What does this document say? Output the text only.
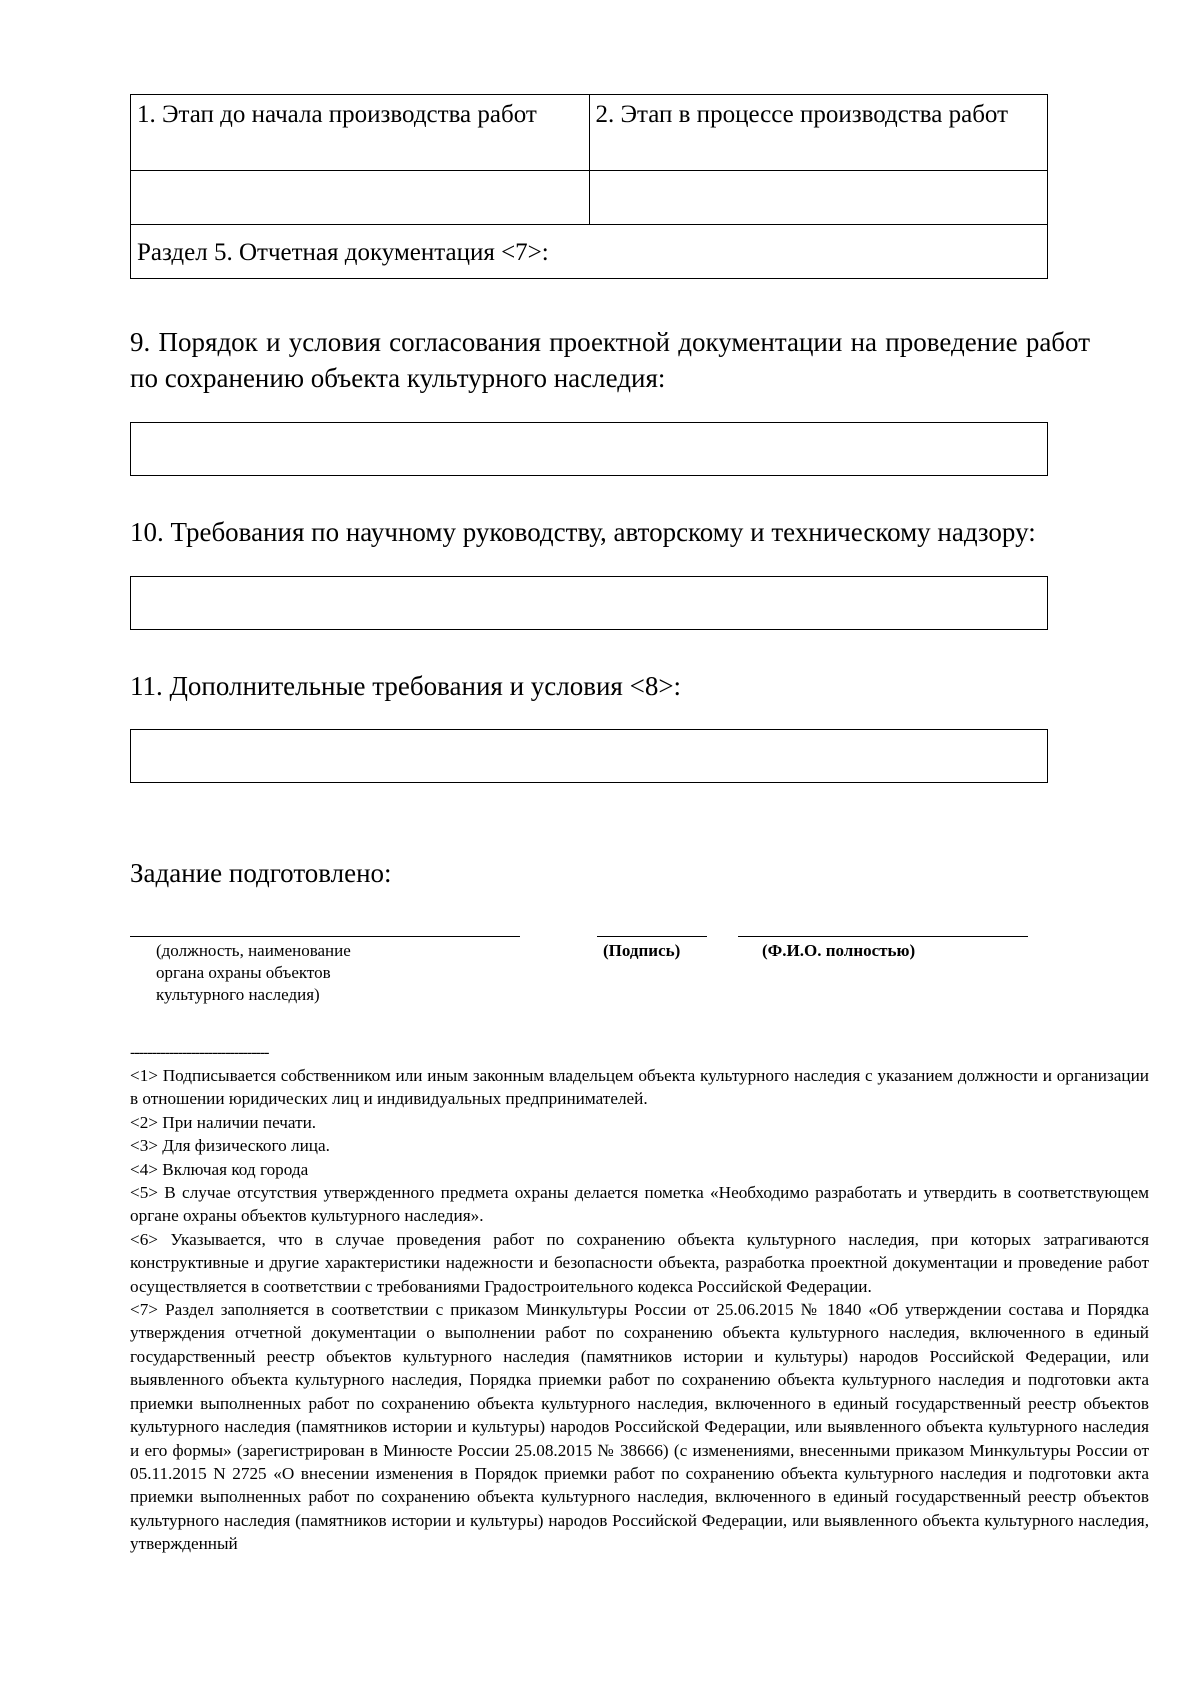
1. Этап до начала производства работ	2. Этап в процессе производства работ

Раздел 5. Отчетная документация <7>:	
9. Порядок и условия согласования проектной документации на проведение работ по сохранению объекта культурного наследия:
10. Требования по научному руководству, авторскому и техническому надзору:
11. Дополнительные требования и условия <8>:
Задание подготовлено:
(должность, наименование
органа охраны объектов
культурного наследия)
(Подпись)	(Ф.И.О. полностью)
--------------------------------

<1> Подписывается собственником или иным законным владельцем объекта культурного наследия с указанием должности и организации в отношении юридических лиц и индивидуальных предпринимателей.

<2> При наличии печати.

<3> Для физического лица.

<4> Включая код города

<5> В случае отсутствия утвержденного предмета охраны делается пометка «Необходимо разработать и утвердить в соответствующем органе охраны объектов культурного наследия».

<6> Указывается, что в случае проведения работ по сохранению объекта культурного наследия, при которых затрагиваются конструктивные и другие характеристики надежности и безопасности объекта, разработка проектной документации и проведение работ осуществляется в соответствии с требованиями Градостроительного кодекса Российской Федерации.

<7> Раздел заполняется в соответствии с приказом Минкультуры России от 25.06.2015 № 1840 «Об утверждении состава и Порядка утверждения отчетной документации о выполнении работ по сохранению объекта культурного наследия, включенного в единый государственный реестр объектов культурного наследия (памятников истории и культуры) народов Российской Федерации, или выявленного объекта культурного наследия, Порядка приемки работ по сохранению объекта культурного наследия и подготовки акта приемки выполненных работ по сохранению объекта культурного наследия, включенного в единый государственный реестр объектов культурного наследия (памятников истории и культуры) народов Российской Федерации, или выявленного объекта культурного наследия и его формы» (зарегистрирован в Минюсте России 25.08.2015 № 38666) (с изменениями, внесенными приказом Минкультуры России от 05.11.2015 N 2725 «О внесении изменения в Порядок приемки работ по сохранению объекта культурного наследия и подготовки акта приемки выполненных работ по сохранению объекта культурного наследия, включенного в единый государственный реестр объектов культурного наследия (памятников истории и культуры) народов Российской Федерации, или выявленного объекта культурного наследия, утвержденный
